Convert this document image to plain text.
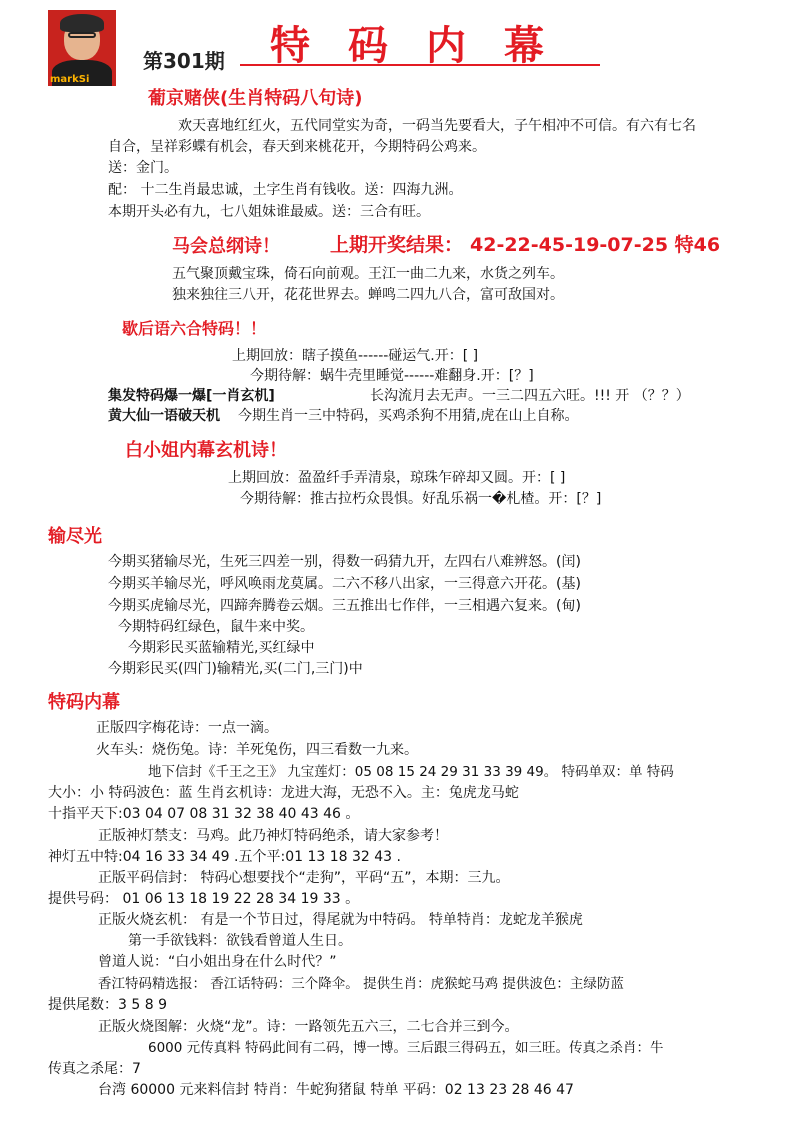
markSi
第301期 特码内幕
葡京赌侠(生肖特码八句诗)
欢天喜地红红火，五代同堂实为奇，一码当先要看大，子午相冲不可信。有六有七名
自合，呈祥彩蝶有机会，春天到来桃花开，今期特码公鸡来。
送：金门。
配： 十二生肖最忠诚，土字生肖有钱收。送：四海九洲。
本期开头必有九，七八姐妹谁最威。送：三合有旺。
马会总纲诗！	上期开奖结果： 42-22-45-19-07-25 特46
五气聚顶戴宝珠，倚石向前观。王江一曲二九来，水货之列车。
独来独往三八开，花花世界去。蝉鸣二四九八合，富可敌国对。
歇后语六合特码！！
上期回放：瞎子摸鱼------碰运气.开：[ ]
今期待解：蜗牛壳里睡觉------难翻身.开：[？]
集发特码爆一爆[一肖玄机]	长沟流月去无声。一三二四五六旺。!!! 开 （？？）
黄大仙一语破天机 今期生肖一三中特码，买鸡杀狗不用猜,虎在山上自称。
白小姐内幕玄机诗！
上期回放：盈盈纤手弄清泉，琼珠乍碎却又圆。开：[ ]
今期待解：推古拉朽众畏惧。好乱乐祸一�札楂。开：[？]
输尽光
今期买猪输尽光，生死三四差一别，得数一码猜九开，左四右八难辨怒。(闰)
今期买羊输尽光，呼风唤雨龙莫属。二六不移八出家，一三得意六开花。(基)
今期买虎输尽光，四蹄奔腾卷云烟。三五推出七作伴，一三相遇六复来。(甸)
今期特码红绿色，鼠牛来中奖。
今期彩民买蓝输精光,买红绿中
今期彩民买(四门)输精光,买(二门,三门)中
特码内幕
正版四字梅花诗：一点一滴。
火车头：烧伤兔。诗：羊死兔伤，四三看数一九来。
地下信封《千王之王》 九宝莲灯：05 08 15 24 29 31 33 39 49。 特码单双：单 特码
大小：小 特码波色：蓝 生肖玄机诗：龙进大海，无恐不入。主：兔虎龙马蛇
十指平天下:03 04 07 08 31 32 38 40 43 46 。
正版神灯禁支：马鸡。此乃神灯特码绝杀，请大家参考！
神灯五中特:04 16 33 34 49 .五个平:01 13 18 32 43 .
正版平码信封： 特码心想要找个“走狗”，平码“五”，本期：三九。
提供号码： 01 06 13 18 19 22 28 34 19 33 。
正版火烧玄机： 有是一个节日过，得尾就为中特码。 特单特肖：龙蛇龙羊猴虎
第一手欲钱料：欲钱看曾道人生日。
曾道人说：“白小姐出身在什么时代？”
香江特码精选报： 香江话特码：三个降伞。 提供生肖：虎猴蛇马鸡 提供波色：主绿防蓝
提供尾数：3 5 8 9
正版火烧图解：火烧“龙”。诗：一路领先五六三，二七合并三到今。
6000 元传真料 特码此间有二码，博一博。三后跟三得码五，如三旺。传真之杀肖：牛
传真之杀尾：7
台湾 60000 元来料信封 特肖：牛蛇狗猪鼠 特单 平码：02 13 23 28 46 47
